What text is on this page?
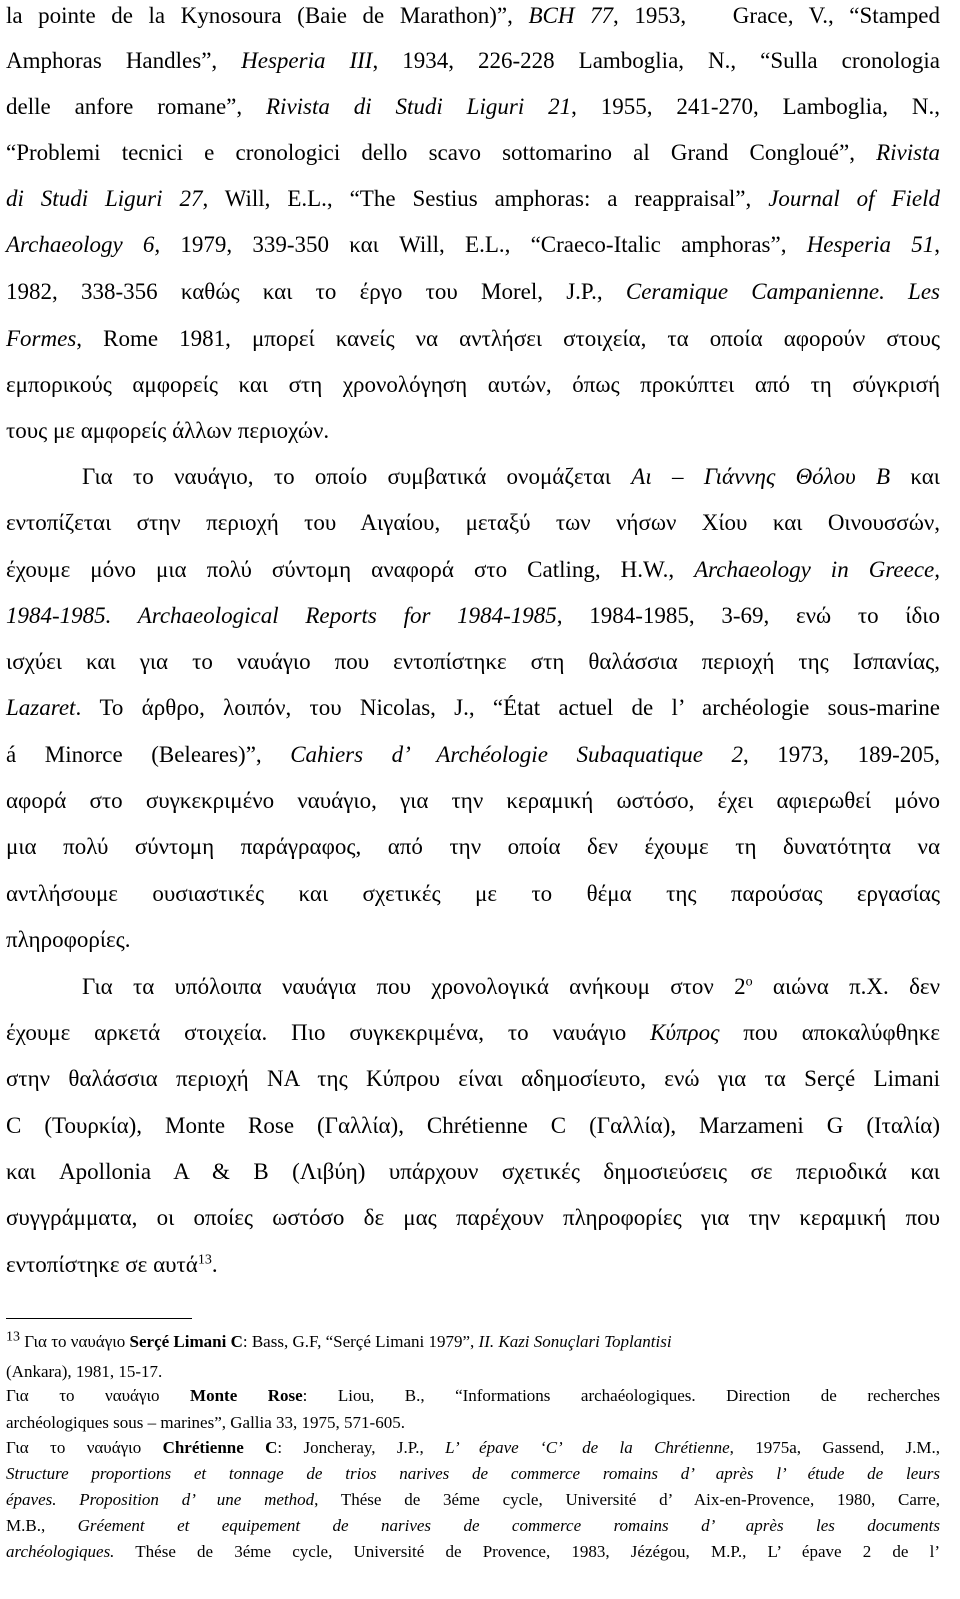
la pointe de la Kynosoura (Baie de Marathon)”, BCH 77, 1953,   Grace, V., “Stamped
Amphoras Handles”, Hesperia III, 1934, 226-228 Lamboglia, N., “Sulla cronologia
delle anfore romane”, Rivista di Studi Liguri 21, 1955, 241-270, Lamboglia, N.,
“Problemi tecnici e cronologici dello scavo sottomarino al Grand Congloué”, Rivista
di Studi Liguri 27, Will, E.L., “The Sestius amphoras: a reappraisal”, Journal of Field
Archaeology 6, 1979, 339-350 και Will, E.L., “Craeco-Italic amphoras”, Hesperia 51,
1982, 338-356 καθώς και το έργο του Morel, J.P., Ceramique Campanienne. Les
Formes, Rome 1981, μπορεί κανείς να αντλήσει στοιχεία, τα οποία αφορούν στους
εμπορικούς αμφορείς και στη χρονολόγηση αυτών, όπως προκύπτει από τη σύγκρισή
τους με αμφορείς άλλων περιοχών.
Για το ναυάγιο, το οποίο συμβατικά ονομάζεται Αι – Γιάννης Θόλου Β και
εντοπίζεται στην περιοχή του Αιγαίου, μεταξύ των νήσων Χίου και Οινουσσών,
έχουμε μόνο μια πολύ σύντομη αναφορά στο Catling, H.W., Archaeology in Greece,
1984-1985. Archaeological Reports for 1984-1985, 1984-1985, 3-69, ενώ το ίδιο
ισχύει και για το ναυάγιο που εντοπίστηκε στη θαλάσσια περιοχή της Ισπανίας,
Lazaret. Το άρθρο, λοιπόν, του Nicolas, J., “État actuel de l’ archéologie sous-marine
á Minorce (Beleares)”, Cahiers d’ Archéologie Subaquatique 2, 1973, 189-205,
αφορά στο συγκεκριμένο ναυάγιο, για την κεραμική ωστόσο, έχει αφιερωθεί μόνο
μια πολύ σύντομη παράγραφος, από την οποία δεν έχουμε τη δυνατότητα να
αντλήσουμε ουσιαστικές και σχετικές με το θέμα της παρούσας εργασίας
πληροφορίες.
Για τα υπόλοιπα ναυάγια που χρονολογικά ανήκουμ στον $2^o$ αιώνα π.Χ. δεν
έχουμε αρκετά στοιχεία. Πιο συγκεκριμένα, το ναυάγιο Κύπρος που αποκαλύφθηκε
στην θαλάσσια περιοχή ΝΑ της Κύπρου είναι αδημοσίευτο, ενώ για τα Serçé Limani
C (Τουρκία), Monte Rose (Γαλλία), Chrétienne C (Γαλλία), Marzameni G (Ιταλία)
και Apollonia A & B (Λιβύη) υπάρχουν σχετικές δημοσιεύσεις σε περιοδικά και
συγγράμματα, οι οποίες ωστόσο δε μας παρέχουν πληροφορίες για την κεραμική που
εντοπίστηκε σε αυτά$^{13}$.
$^{13}$ Για το ναυάγιο Serçé Limani C: Bass, G.F, “Serçé Limani 1979”, II. Kazi Sonuçlari Toplantisi
(Ankara), 1981, 15-17.
Για το ναυάγιο Monte Rose: Liou, B., “Informations archaéologiques. Direction de recherches
archéologiques sous – marines”, Gallia 33, 1975, 571-605.
Για το ναυάγιο Chrétienne C: Joncheray, J.P., L’ épave ‘C’ de la Chrétienne, 1975a, Gassend, J.M.,
Structure proportions et tonnage de trios narives de commerce romains d’ après l’ étude de leurs
épaves. Proposition d’ une method, Thése de 3éme cycle, Université d’ Aix-en-Provence, 1980, Carre,
M.B., Gréement et equipement de narives de commerce romains d’ après les documents
archéologiques. Thése de 3éme cycle, Université de Provence, 1983, Jézégou, M.P., L’ épave 2 de l’
